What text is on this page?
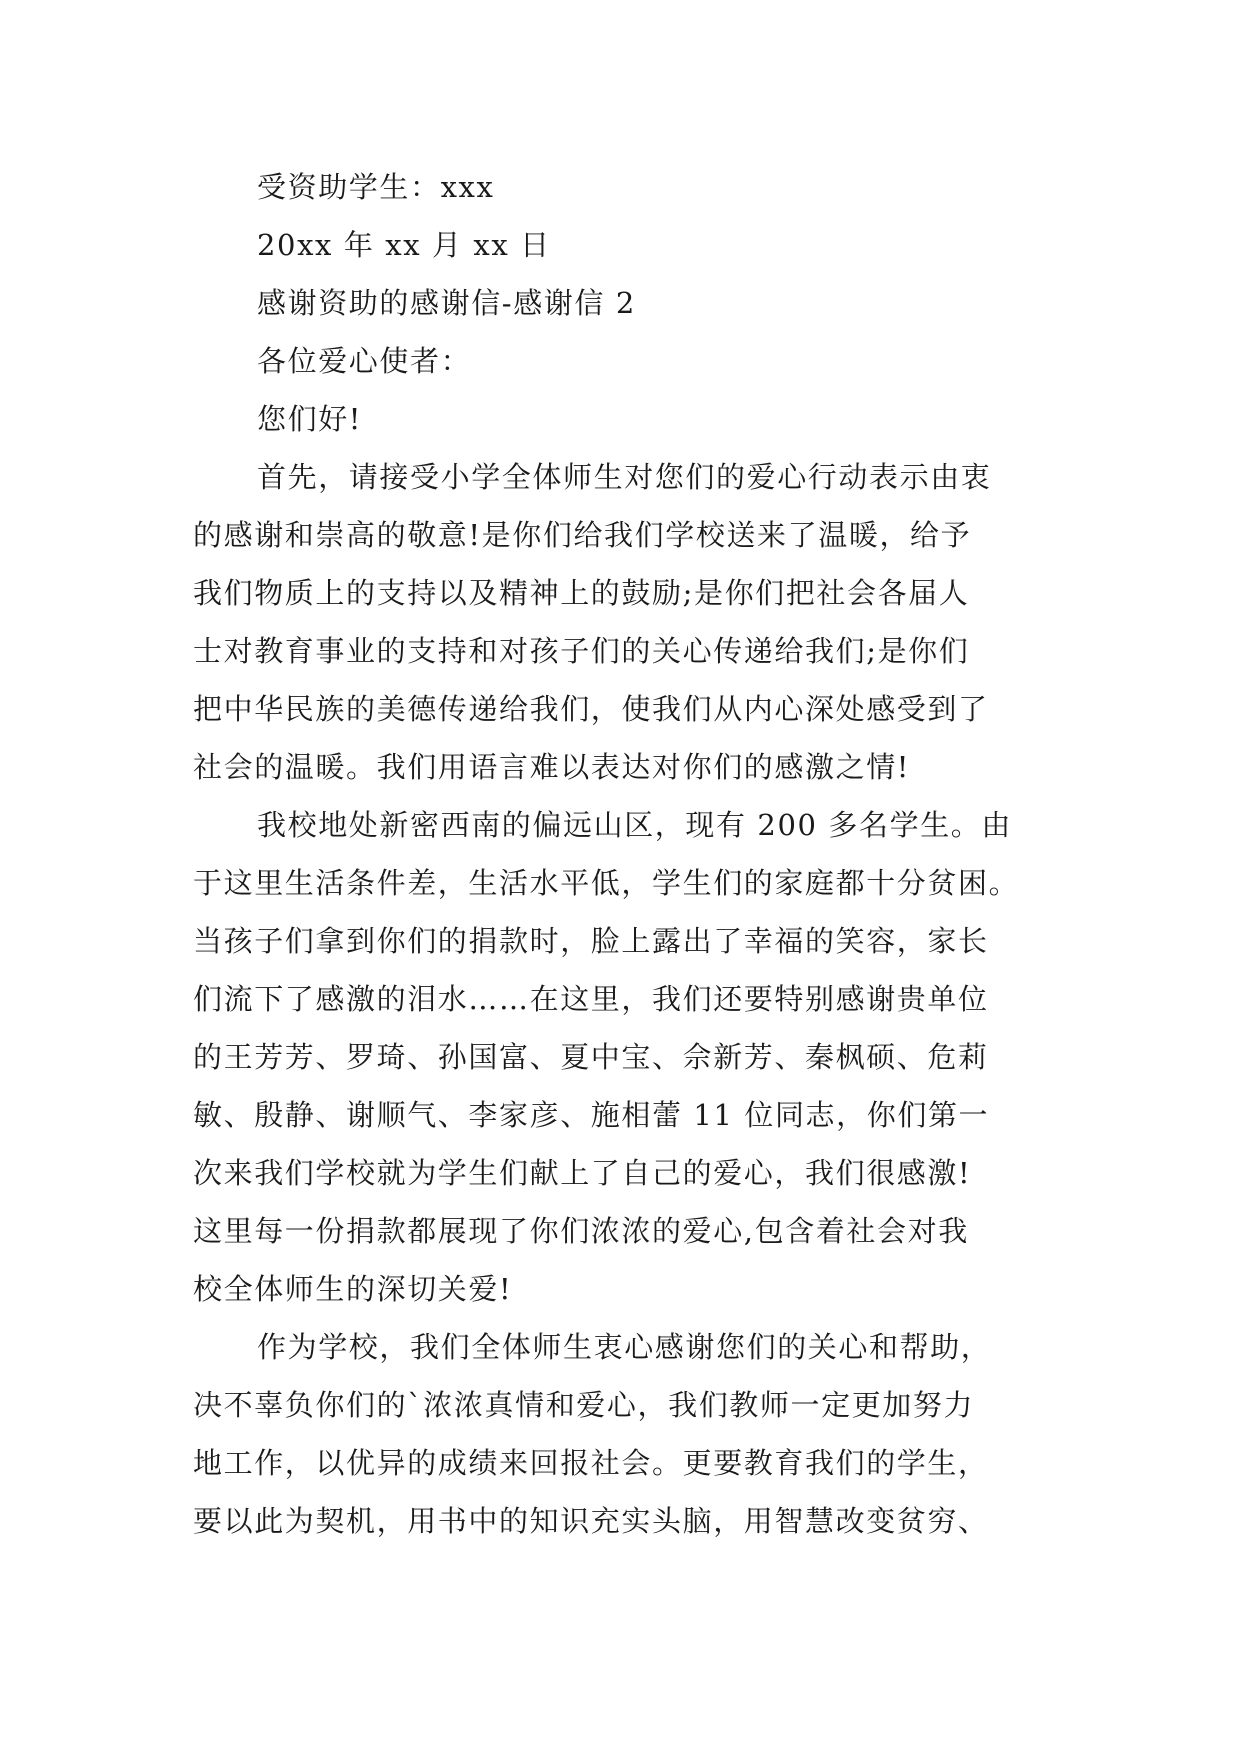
受资助学生：xxx
20xx 年 xx 月 xx 日
感谢资助的感谢信-感谢信 2
各位爱心使者：
您们好!
首先，请接受小学全体师生对您们的爱心行动表示由衷
的感谢和崇高的敬意!是你们给我们学校送来了温暖，给予
我们物质上的支持以及精神上的鼓励;是你们把社会各届人
士对教育事业的支持和对孩子们的关心传递给我们;是你们
把中华民族的美德传递给我们，使我们从内心深处感受到了
社会的温暖。我们用语言难以表达对你们的感激之情!
我校地处新密西南的偏远山区，现有 200 多名学生。由
于这里生活条件差，生活水平低，学生们的家庭都十分贫困。
当孩子们拿到你们的捐款时，脸上露出了幸福的笑容，家长
们流下了感激的泪水……在这里，我们还要特别感谢贵单位
的王芳芳、罗琦、孙国富、夏中宝、佘新芳、秦枫硕、危莉
敏、殷静、谢顺气、李家彦、施相蕾 11 位同志，你们第一
次来我们学校就为学生们献上了自己的爱心，我们很感激!
这里每一份捐款都展现了你们浓浓的爱心,包含着社会对我
校全体师生的深切关爱!
作为学校，我们全体师生衷心感谢您们的关心和帮助，
决不辜负你们的`浓浓真情和爱心，我们教师一定更加努力
地工作，以优异的成绩来回报社会。更要教育我们的学生，
要以此为契机，用书中的知识充实头脑，用智慧改变贫穷、
